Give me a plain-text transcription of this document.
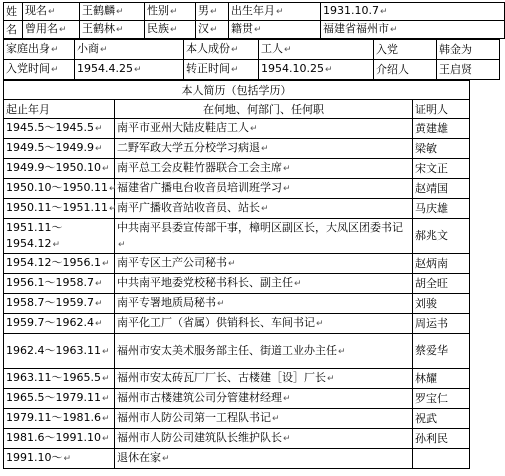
姓	现名↵	王鹤麟↵	性别↵	男↵	出生年月↵	1931.10.7↵
名	曾用名↵	王鹤林↵	民族↵	汉↵	籍贯↵	福建省福州市↵
家庭出身↵	小商↵	本人成份↵	工人↵	入党	韩金为
入党时间↵	1954.4.25↵	转正时间↵	1954.10.25↵	介绍人	王启贤
本人简历（包括学历）		
起止年月	在何地、何部门、任何职	证明人
1945.5～1945.5↵	南平市亚州大陆皮鞋店工人↵	黄建雄
1949.5～1949.9↵	二野军政大学五分校学习病退↵	梁敏
1949.9～1950.10↵	南平总工会皮鞋竹器联合工会主席↵	宋文正
1950.10～1950.11↵	福建省广播电台收音员培训班学习↵	赵靖国
1950.11～1951.11↵	南平广播收音站收音员、站长↵	马庆雄
1951.11～1954.12↵	中共南平县委宣传部干事，樟明区副区长，大凤区团委书记↵	郝兆文
1954.12～1956.1↵	南平专区土产公司秘书↵	赵炳南
1956.1～1958.7↵	中共南平地委党校秘书科长、副主任↵	胡全旺
1958.7～1959.7↵	南平专署地质局秘书↵	刘骏
1959.7～1962.4↵	南平化工厂（省属）供销科长、车间书记↵	周运书
1962.4～1963.11↵	福州市安太美术服务部主任、街道工业办主任↵	蔡爱华
1963.11～1965.5↵	福州市安太砖瓦厂厂长、古楼建［设］厂长↵	林耀
1965.5～1979.11↵	福州市古楼建筑公司分管建材经理↵	罗宝仁
1979.11～1981.6↵	福州市人防公司第一工程队书记↵	祝武
1981.6～1991.10↵	福州市人防公司建筑队长维护队长↵	孙利民
1991.10～↵	退休在家↵	
